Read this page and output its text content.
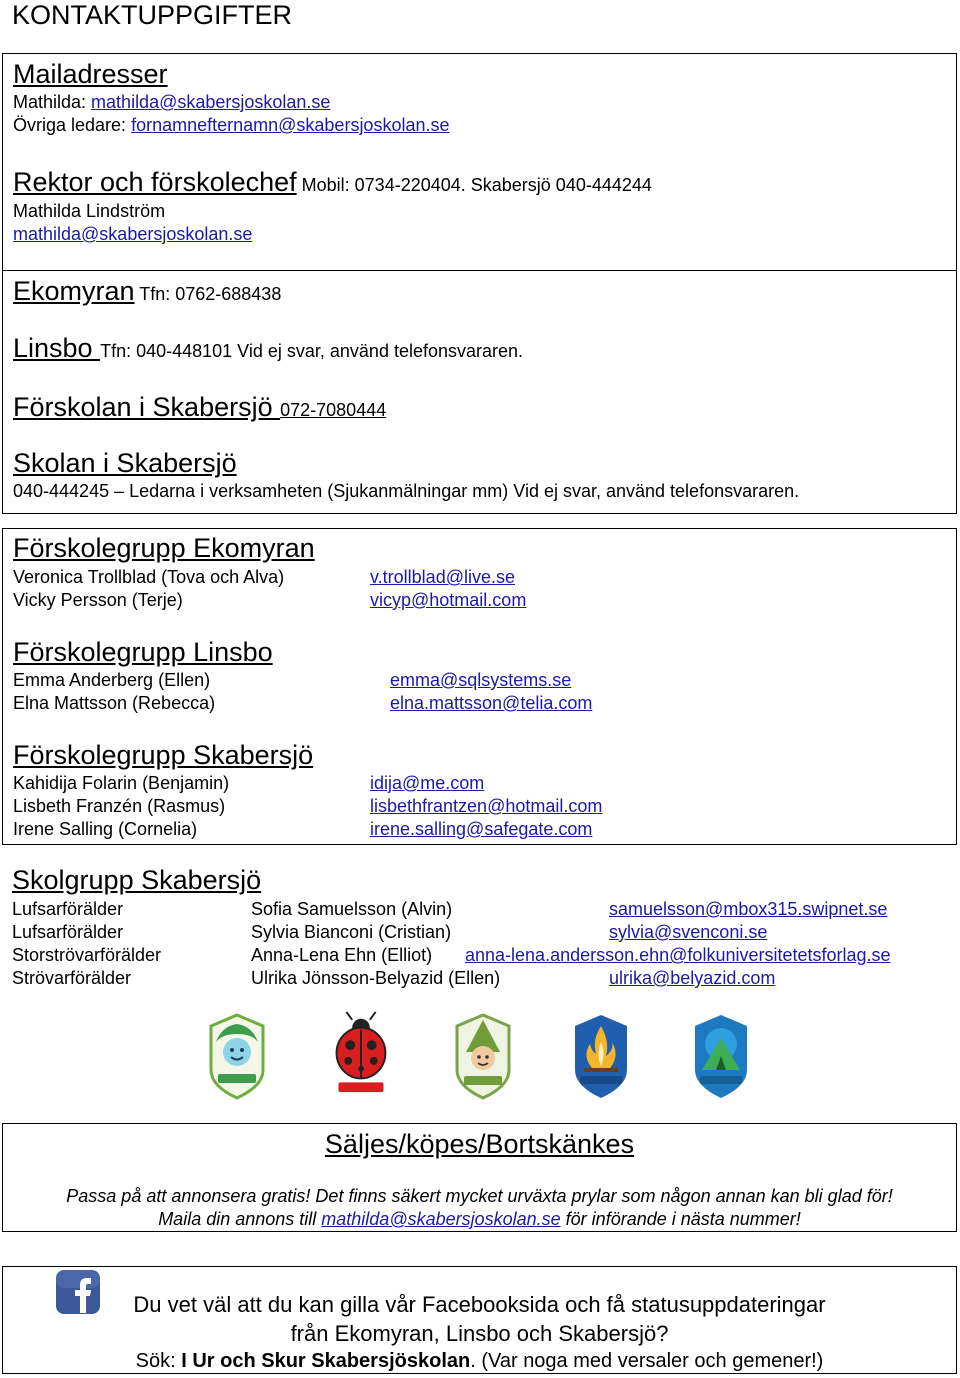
KONTAKTUPPGIFTER
Mailadresser
Mathilda: mathilda@skabersjoskolan.se
Övriga ledare: fornamnefternamn@skabersjoskolan.se
Rektor och förskolechef Mobil: 0734-220404. Skabersjö 040-444244
Mathilda Lindström
mathilda@skabersjoskolan.se
Ekomyran Tfn: 0762-688438
Linsbo Tfn: 040-448101 Vid ej svar, använd telefonsvararen.
Förskolan i Skabersjö 072-7080444
Skolan i Skabersjö
040-444245 – Ledarna i verksamheten (Sjukanmälningar mm) Vid ej svar, använd telefonsvararen.
Förskolegrupp Ekomyran
Veronica Trollblad (Tova och Alva)	v.trollblad@live.se
Vicky Persson (Terje)	vicyp@hotmail.com
Förskolegrupp Linsbo
Emma Anderberg (Ellen)	emma@sqlsystems.se
Elna Mattsson (Rebecca)	elna.mattsson@telia.com
Förskolegrupp Skabersjö
Kahidija Folarin (Benjamin)	idija@me.com
Lisbeth Franzén (Rasmus)	lisbethfrantzen@hotmail.com
Irene Salling (Cornelia)	irene.salling@safegate.com
Skolgrupp Skabersjö
Lufsarförälder	Sofia Samuelsson (Alvin)	samuelsson@mbox315.swipnet.se
Lufsarförälder	Sylvia Bianconi (Cristian)	sylvia@svenconi.se
Storströvarförälder	Anna-Lena Ehn (Elliot) anna-lena.andersson.ehn@folkuniversitetetsforlag.se
Strövarförälder	Ulrika Jönsson-Belyazid (Ellen)	ulrika@belyazid.com
Säljes/köpes/Bortskänkes
Passa på att annonsera gratis! Det finns säkert mycket urväxta prylar som någon annan kan bli glad för!
Maila din annons till mathilda@skabersjoskolan.se för införande i nästa nummer!
Du vet väl att du kan gilla vår Facebooksida och få statusuppdateringar
från Ekomyran, Linsbo och Skabersjö?
Sök: I Ur och Skur Skabersjöskolan. (Var noga med versaler och gemener!)
